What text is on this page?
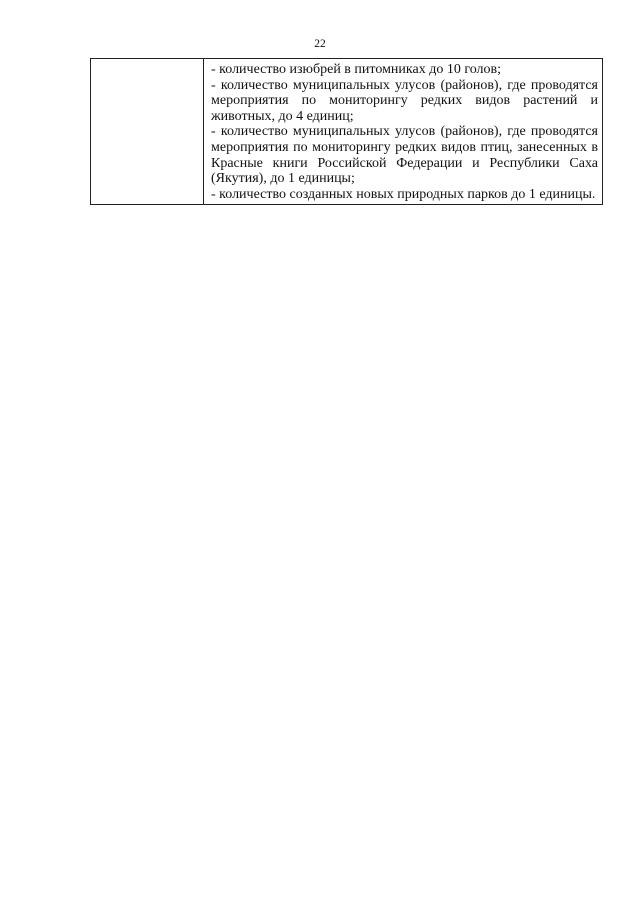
22

- количество изюбрей в питомниках до 10 голов;

- количество муниципальных улусов (районов), где проводятся мероприятия по мониторингу редких видов растений и животных, до 4 единиц;

- количество муниципальных улусов (районов), где проводятся мероприятия по мониторингу редких видов птиц, занесенных в Красные книги Российской Федерации и Республики Саха (Якутия), до 1 единицы;

- количество созданных новых природных парков до 1 единицы.
